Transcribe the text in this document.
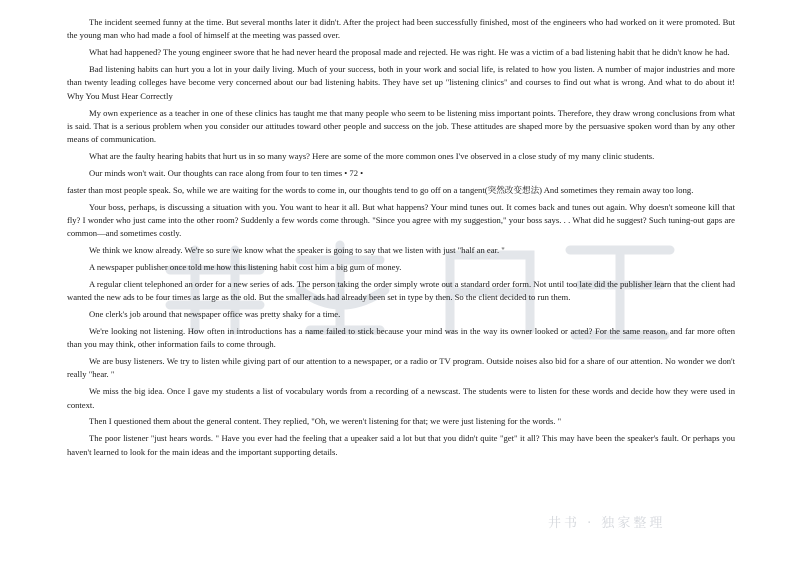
井书 · 独家整理

The incident seemed funny at the time. But several months later it didn't. After the project had been successfully finished, most of the engineers who had worked on it were promoted. But the young man who had made a fool of himself at the meeting was passed over.

What had happened? The young engineer swore that he had never heard the proposal made and rejected. He was right. He was a victim of a bad listening habit that he didn't know he had.

Bad listening habits can hurt you a lot in your daily living. Much of your success, both in your work and social life, is related to how you listen. A number of major industries and more than twenty leading colleges have become very concerned about our bad listening habits. They have set up "listening clinics" and courses to find out what is wrong. And what to do about it! Why You Must Hear Correctly

My own experience as a teacher in one of these clinics has taught me that many people who seem to be listening miss important points. Therefore, they draw wrong conclusions from what is said. That is a serious problem when you consider our attitudes toward other people and success on the job. These attitudes are shaped more by the persuasive spoken word than by any other means of communication.

What are the faulty hearing habits that hurt us in so many ways? Here are some of the more common ones I've observed in a close study of my many clinic students.

Our minds won't wait. Our thoughts can race along from four to ten times • 72 •

faster than most people speak. So, while we are waiting for the words to come in, our thoughts tend to go off on a tangent(突然改变想法) And sometimes they remain away too long.

Your boss, perhaps, is discussing a situation with you. You want to hear it all. But what happens? Your mind tunes out. It comes back and tunes out again. Why doesn't someone kill that fly? I wonder who just came into the other room? Suddenly a few words come through. "Since you agree with my suggestion," your boss says. . . What did he suggest? Such tuning-out gaps are common—and sometimes costly.

We think we know already. We're so sure we know what the speaker is going to say that we listen with just "half an ear. "

A newspaper publisher once told me how this listening habit cost him a big gum of money.

A regular client telephoned an order for a new series of ads. The person taking the order simply wrote out a standard order form. Not until too late did the publisher learn that the client had wanted the new ads to be four times as large as the old. But the smaller ads had already been set in type by then. So the client decided to run them.

One clerk's job around that newspaper office was pretty shaky for a time.

We're looking not listening. How often in introductions has a name failed to stick because your mind was in the way its owner looked or acted? For the same reason, and far more often than you may think, other information fails to come through.

We are busy listeners. We try to listen while giving part of our attention to a newspaper, or a radio or TV program. Outside noises also bid for a share of our attention. No wonder we don't really "hear. "

We miss the big idea. Once I gave my students a list of vocabulary words from a recording of a newscast. The students were to listen for these words and decide how they were used in context.

Then I questioned them about the general content. They replied, "Oh, we weren't listening for that; we were just listening for the words. "

The poor listener "just hears words. " Have you ever had the feeling that a upeaker said a lot but that you didn't quite "get" it all? This may have been the speaker's fault. Or perhaps you haven't learned to look for the main ideas and the important supporting details.
